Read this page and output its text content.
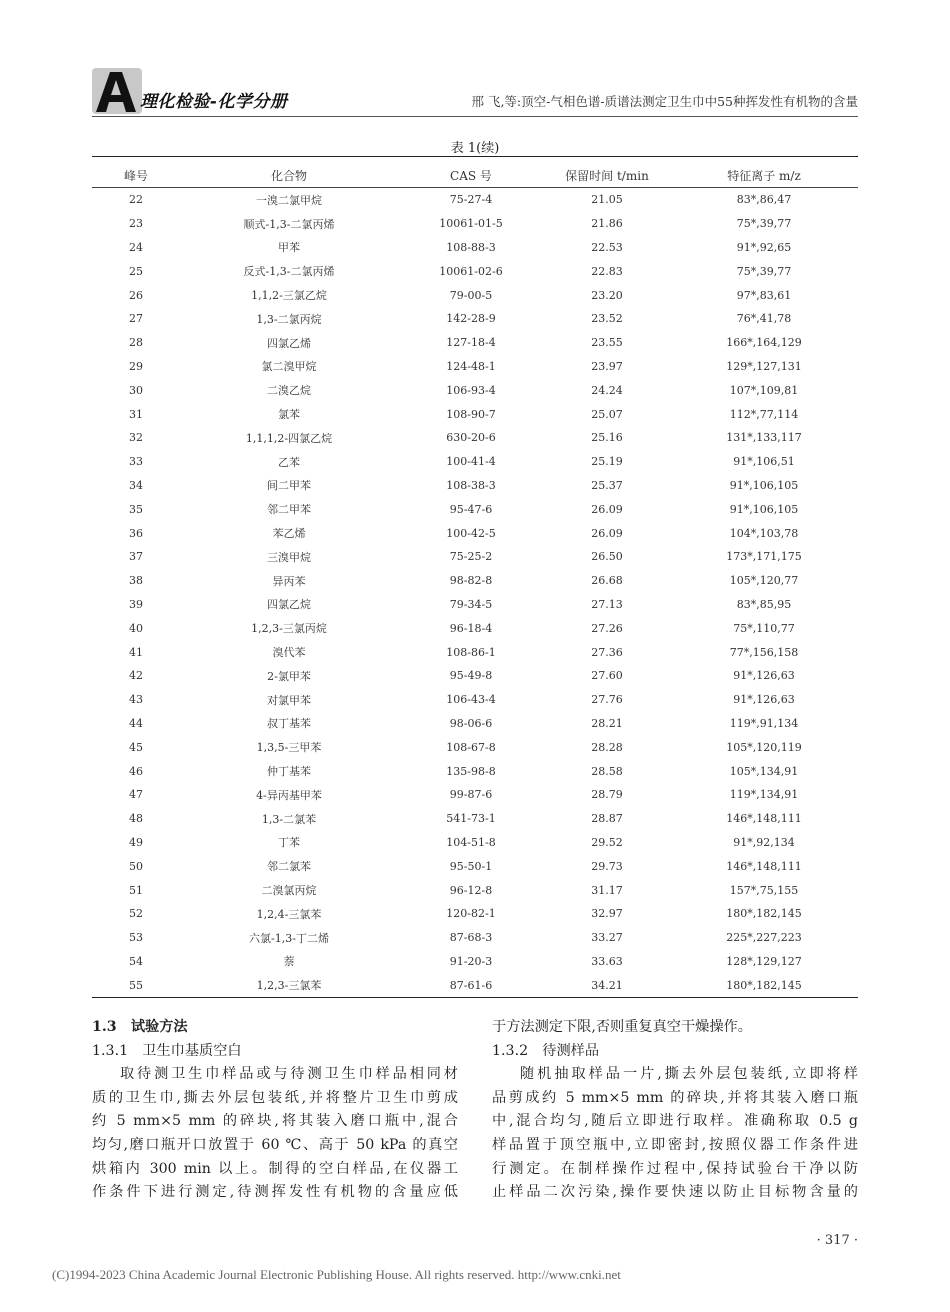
A 理化检验-化学分册	邢 飞,等:顶空-气相色谱-质谱法测定卫生巾中55种挥发性有机物的含量
表 1(续)
峰号	化合物	CAS 号	保留时间 t/min	特征离子 m/z
22	一溴二氯甲烷	75-27-4	21.05	83*,86,47
23	顺式-1,3-二氯丙烯	10061-01-5	21.86	75*,39,77
24	甲苯	108-88-3	22.53	91*,92,65
25	反式-1,3-二氯丙烯	10061-02-6	22.83	75*,39,77
26	1,1,2-三氯乙烷	79-00-5	23.20	97*,83,61
27	1,3-二氯丙烷	142-28-9	23.52	76*,41,78
28	四氯乙烯	127-18-4	23.55	166*,164,129
29	氯二溴甲烷	124-48-1	23.97	129*,127,131
30	二溴乙烷	106-93-4	24.24	107*,109,81
31	氯苯	108-90-7	25.07	112*,77,114
32	1,1,1,2-四氯乙烷	630-20-6	25.16	131*,133,117
33	乙苯	100-41-4	25.19	91*,106,51
34	间二甲苯	108-38-3	25.37	91*,106,105
35	邻二甲苯	95-47-6	26.09	91*,106,105
36	苯乙烯	100-42-5	26.09	104*,103,78
37	三溴甲烷	75-25-2	26.50	173*,171,175
38	异丙苯	98-82-8	26.68	105*,120,77
39	四氯乙烷	79-34-5	27.13	83*,85,95
40	1,2,3-三氯丙烷	96-18-4	27.26	75*,110,77
41	溴代苯	108-86-1	27.36	77*,156,158
42	2-氯甲苯	95-49-8	27.60	91*,126,63
43	对氯甲苯	106-43-4	27.76	91*,126,63
44	叔丁基苯	98-06-6	28.21	119*,91,134
45	1,3,5-三甲苯	108-67-8	28.28	105*,120,119
46	仲丁基苯	135-98-8	28.58	105*,134,91
47	4-异丙基甲苯	99-87-6	28.79	119*,134,91
48	1,3-二氯苯	541-73-1	28.87	146*,148,111
49	丁苯	104-51-8	29.52	91*,92,134
50	邻二氯苯	95-50-1	29.73	146*,148,111
51	二溴氯丙烷	96-12-8	31.17	157*,75,155
52	1,2,4-三氯苯	120-82-1	32.97	180*,182,145
53	六氯-1,3-丁二烯	87-68-3	33.27	225*,227,223
54	萘	91-20-3	33.63	128*,129,127
55	1,2,3-三氯苯	87-61-6	34.21	180*,182,145
1.3　试验方法
1.3.1　卫生巾基质空白
取待测卫生巾样品或与待测卫生巾样品相同材
质的卫生巾,撕去外层包装纸,并将整片卫生巾剪成
约 5 mm×5 mm 的碎块,将其装入磨口瓶中,混合
均匀,磨口瓶开口放置于 60 ℃、高于 50 kPa 的真空
烘箱内 300 min 以上。制得的空白样品,在仪器工
作条件下进行测定,待测挥发性有机物的含量应低
于方法测定下限,否则重复真空干燥操作。
1.3.2　待测样品
随机抽取样品一片,撕去外层包装纸,立即将样
品剪成约 5 mm×5 mm 的碎块,并将其装入磨口瓶
中,混合均匀,随后立即进行取样。准确称取 0.5 g
样品置于顶空瓶中,立即密封,按照仪器工作条件进
行测定。在制样操作过程中,保持试验台干净以防
止样品二次污染,操作要快速以防止目标物含量的
· 317 ·
(C)1994-2023 China Academic Journal Electronic Publishing House. All rights reserved. http://www.cnki.net
